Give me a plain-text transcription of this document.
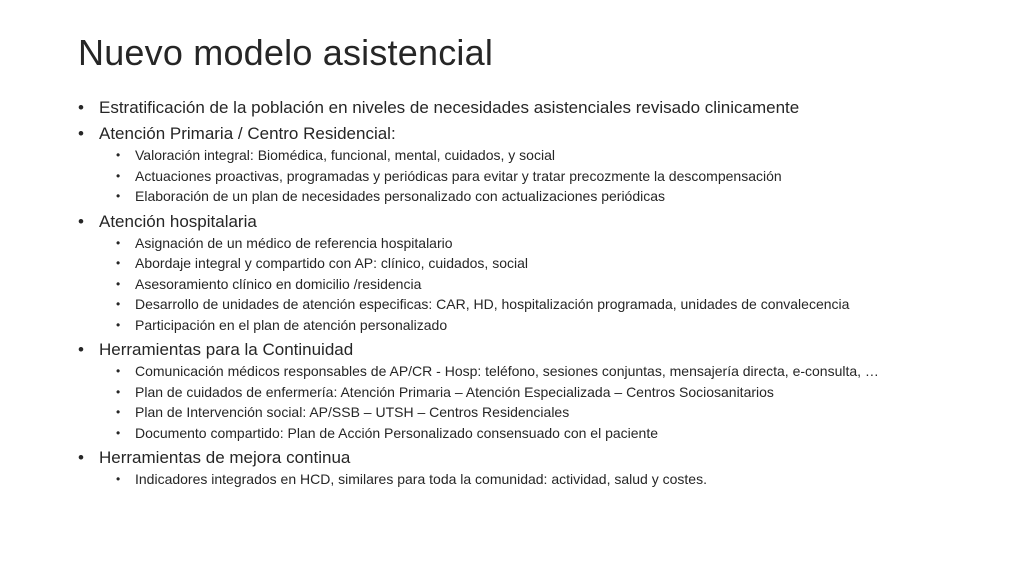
Nuevo modelo asistencial
• Estratificación de la población en niveles de necesidades asistenciales revisado clinicamente
• Atención Primaria / Centro Residencial:
• Valoración integral: Biomédica, funcional, mental, cuidados, y social
• Actuaciones proactivas, programadas y periódicas para evitar y tratar precozmente la descompensación
• Elaboración de un plan de necesidades personalizado con actualizaciones periódicas
• Atención hospitalaria
• Asignación de un médico de referencia hospitalario
• Abordaje integral y compartido con AP: clínico, cuidados, social
• Asesoramiento clínico en domicilio /residencia
• Desarrollo de unidades de atención especificas: CAR, HD, hospitalización programada, unidades de convalecencia
• Participación en el plan de atención personalizado
• Herramientas para la Continuidad
• Comunicación médicos responsables de AP/CR - Hosp: teléfono, sesiones conjuntas, mensajería directa, e-consulta, …
• Plan de cuidados de enfermería: Atención Primaria – Atención Especializada – Centros Sociosanitarios
• Plan de Intervención social: AP/SSB – UTSH – Centros Residenciales
• Documento compartido: Plan de Acción Personalizado consensuado con el paciente
• Herramientas de mejora continua
• Indicadores integrados en HCD, similares para toda la comunidad: actividad, salud y costes.
